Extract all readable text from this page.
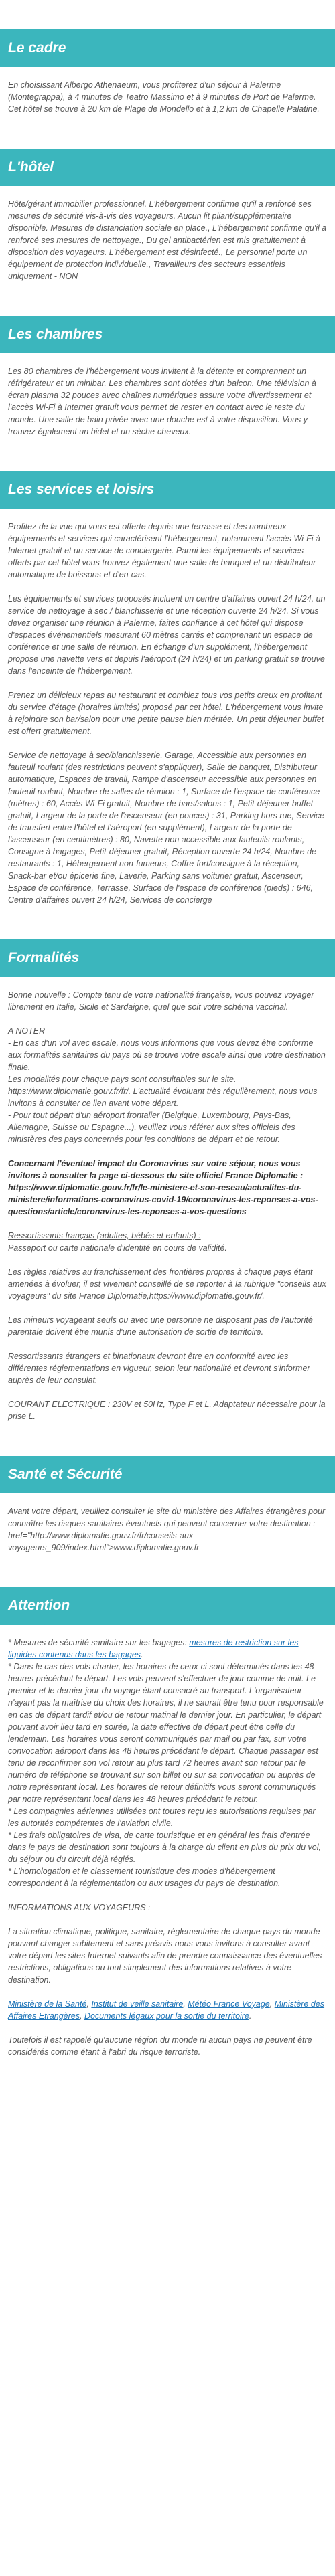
Le cadre

En choisissant Albergo Athenaeum, vous profiterez d'un séjour à Palerme (Montegrappa), à 4 minutes de Teatro Massimo et à 9 minutes de Port de Palerme. Cet hôtel se trouve à 20 km de Plage de Mondello et à 1,2 km de Chapelle Palatine.

L'hôtel

Hôte/gérant immobilier professionnel. L'hébergement confirme qu'il a renforcé ses mesures de sécurité vis-à-vis des voyageurs. Aucun lit pliant/supplémentaire disponible. Mesures de distanciation sociale en place., L'hébergement confirme qu'il a renforcé ses mesures de nettoyage., Du gel antibactérien est mis gratuitement à disposition des voyageurs. L'hébergement est désinfecté., Le personnel porte un équipement de protection individuelle., Travailleurs des secteurs essentiels uniquement - NON

Les chambres

Les 80 chambres de l'hébergement vous invitent à la détente et comprennent un réfrigérateur et un minibar. Les chambres sont dotées d'un balcon. Une télévision à écran plasma 32 pouces avec chaînes numériques assure votre divertissement et l'accès Wi-Fi à Internet gratuit vous permet de rester en contact avec le reste du monde. Une salle de bain privée avec une douche est à votre disposition. Vous y trouvez également un bidet et un sèche-cheveux.

Les services et loisirs

Profitez de la vue qui vous est offerte depuis une terrasse et des nombreux équipements et services qui caractérisent l'hébergement, notamment l'accès Wi-Fi à Internet gratuit et un service de conciergerie. Parmi les équipements et services offerts par cet hôtel vous trouvez également une salle de banquet et un distributeur automatique de boissons et d'en-cas.

Les équipements et services proposés incluent un centre d'affaires ouvert 24 h/24, un service de nettoyage à sec / blanchisserie et une réception ouverte 24 h/24. Si vous devez organiser une réunion à Palerme, faites confiance à cet hôtel qui dispose d'espaces événementiels mesurant 60 mètres carrés et comprenant un espace de conférence et une salle de réunion. En échange d'un supplément, l'hébergement propose une navette vers et depuis l'aéroport (24 h/24) et un parking gratuit se trouve dans l'enceinte de l'hébergement.

Prenez un délicieux repas au restaurant et comblez tous vos petits creux en profitant du service d'étage (horaires limités) proposé par cet hôtel. L'hébergement vous invite à rejoindre son bar/salon pour une petite pause bien méritée. Un petit déjeuner buffet est offert gratuitement.

Service de nettoyage à sec/blanchisserie, Garage, Accessible aux personnes en fauteuil roulant (des restrictions peuvent s'appliquer), Salle de banquet, Distributeur automatique, Espaces de travail, Rampe d'ascenseur accessible aux personnes en fauteuil roulant, Nombre de salles de réunion : 1, Surface de l'espace de conférence (mètres) : 60, Accès Wi-Fi gratuit, Nombre de bars/salons : 1, Petit-déjeuner buffet gratuit, Largeur de la porte de l'ascenseur (en pouces) : 31, Parking hors rue, Service de transfert entre l'hôtel et l'aéroport (en supplément), Largeur de la porte de l'ascenseur (en centimètres) : 80, Navette non accessible aux fauteuils roulants, Consigne à bagages, Petit-déjeuner gratuit, Réception ouverte 24 h/24, Nombre de restaurants : 1, Hébergement non-fumeurs, Coffre-fort/consigne à la réception, Snack-bar et/ou épicerie fine, Laverie, Parking sans voiturier gratuit, Ascenseur, Espace de conférence, Terrasse, Surface de l'espace de conférence (pieds) : 646, Centre d'affaires ouvert 24 h/24, Services de concierge

Formalités

Bonne nouvelle : Compte tenu de votre nationalité française, vous pouvez voyager librement en Italie, Sicile et Sardaigne, quel que soit votre schéma vaccinal.

A NOTER

- En cas d'un vol avec escale, nous vous informons que vous devez être conforme aux formalités sanitaires du pays où se trouve votre escale ainsi que votre destination finale.

Les modalités pour chaque pays sont consultables sur le site. https://www.diplomatie.gouv.fr/fr/. L'actualité évoluant très régulièrement, nous vous invitons à consulter ce lien avant votre départ.

- Pour tout départ d'un aéroport frontalier (Belgique, Luxembourg, Pays-Bas, Allemagne, Suisse ou Espagne...), veuillez vous référer aux sites officiels des ministères des pays concernés pour les conditions de départ et de retour.

Concernant l'éventuel impact du Coronavirus sur votre séjour, nous vous invitons à consulter la page ci-dessous du site officiel France Diplomatie : https://www.diplomatie.gouv.fr/fr/le-ministere-et-son-reseau/actualites-du-ministere/informations-coronavirus-covid-19/coronavirus-les-reponses-a-vos-questions/article/coronavirus-les-reponses-a-vos-questions

Ressortissants français (adultes, bébés et enfants) :

Passeport ou carte nationale d'identité en cours de validité.

Les règles relatives au franchissement des frontières propres à chaque pays étant amenées à évoluer, il est vivement conseillé de se reporter à la rubrique "conseils aux voyageurs" du site France Diplomatie,https://www.diplomatie.gouv.fr/.

Les mineurs voyageant seuls ou avec une personne ne disposant pas de l'autorité parentale doivent être munis d'une autorisation de sortie de territoire.

Ressortissants étrangers et binationaux devront être en conformité avec les différentes réglementations en vigueur, selon leur nationalité et devront s'informer auprès de leur consulat.

COURANT ELECTRIQUE : 230V et 50Hz, Type F et L. Adaptateur nécessaire pour la prise L.

Santé et Sécurité

Avant votre départ, veuillez consulter le site du ministère des Affaires étrangères pour connaître les risques sanitaires éventuels qui peuvent concerner votre destination : href="http://www.diplomatie.gouv.fr/fr/conseils-aux-voyageurs_909/index.html">www.diplomatie.gouv.fr

Attention

* Mesures de sécurité sanitaire sur les bagages: mesures de restriction sur les liquides contenus dans les bagages.

* Dans le cas des vols charter, les horaires de ceux-ci sont déterminés dans les 48 heures précédant le départ. Les vols peuvent s'effectuer de jour comme de nuit. Le premier et le dernier jour du voyage étant consacré au transport. L'organisateur n'ayant pas la maîtrise du choix des horaires, il ne saurait être tenu pour responsable en cas de départ tardif et/ou de retour matinal le dernier jour. En particulier, le départ pouvant avoir lieu tard en soirée, la date effective de départ peut être celle du lendemain. Les horaires vous seront communiqués par mail ou par fax, sur votre convocation aéroport dans les 48 heures précédant le départ. Chaque passager est tenu de reconfirmer son vol retour au plus tard 72 heures avant son retour par le numéro de téléphone se trouvant sur son billet ou sur sa convocation ou auprès de notre représentant local. Les horaires de retour définitifs vous seront communiqués par notre représentant local dans les 48 heures précédant le retour.

* Les compagnies aériennes utilisées ont toutes reçu les autorisations requises par les autorités compétentes de l'aviation civile.

* Les frais obligatoires de visa, de carte touristique et en général les frais d'entrée dans le pays de destination sont toujours à la charge du client en plus du prix du vol, du séjour ou du circuit déjà réglés.

* L'homologation et le classement touristique des modes d'hébergement correspondent à la réglementation ou aux usages du pays de destination.

INFORMATIONS AUX VOYAGEURS :

La situation climatique, politique, sanitaire, réglementaire de chaque pays du monde pouvant changer subitement et sans préavis nous vous invitons à consulter avant votre départ les sites Internet suivants afin de prendre connaissance des éventuelles restrictions, obligations ou tout simplement des informations relatives à votre destination.

Ministère de la Santé, Institut de veille sanitaire, Météo France Voyage, Ministère des Affaires Etrangères, Documents légaux pour la sortie du territoire.

Toutefois il est rappelé qu'aucune région du monde ni aucun pays ne peuvent être considérés comme étant à l'abri du risque terroriste.
